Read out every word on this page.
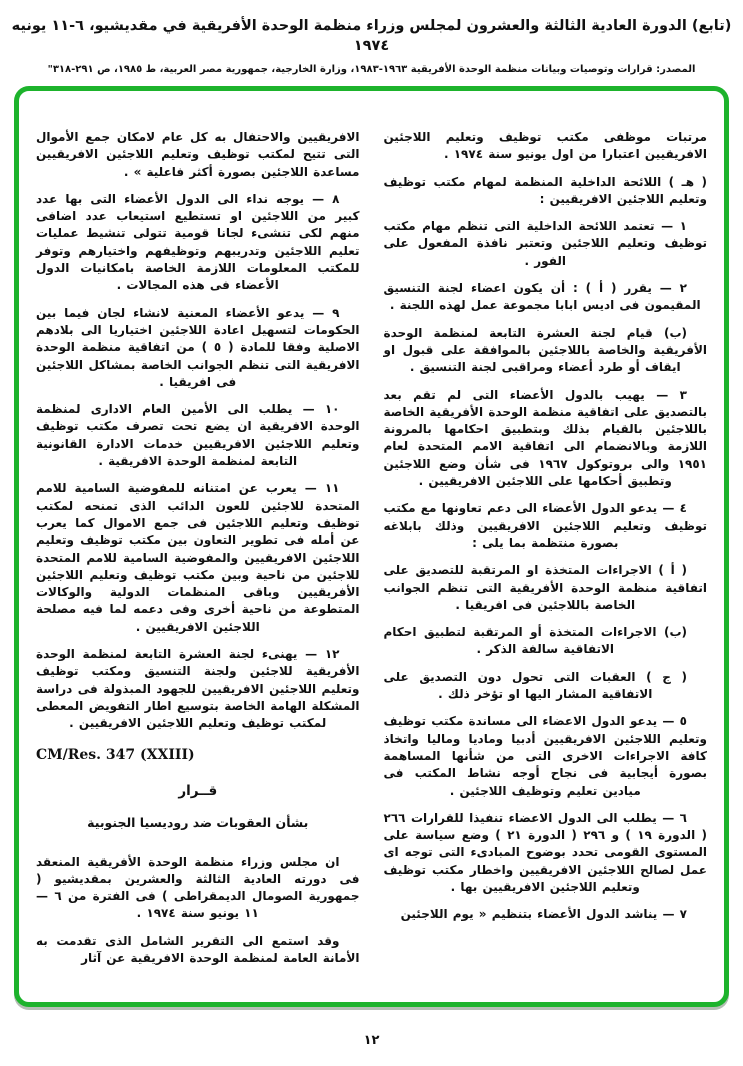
(تابع) الدورة العادية الثالثة والعشرون لمجلس وزراء منظمة الوحدة الأفريقية في مقديشيو، ٦-١١ يونيه ١٩٧٤
المصدر: قرارات وتوصيات وبيانات منظمة الوحدة الأفريقية ١٩٦٣-١٩٨٣، وزارة الخارجية، جمهورية مصر العربية، ط ١٩٨٥، ص ٢٩١-٣١٨"

مرتبات موظفى مكتب توظيف وتعليم اللاجئين الافريقيين اعتبارا من اول يونيو سنة ١٩٧٤ .

( هـ ) اللائحة الداخلية المنظمة لمهام مكتب توظيف وتعليم اللاجئين الافريقيين :

١ — تعتمد اللائحة الداخلية التى تنظم مهام مكتب توظيف وتعليم اللاجئين وتعتبر نافذة المفعول على الفور .

٢ — يقرر ( أ ) : أن يكون اعضاء لجنة التنسيق المقيمون فى اديس ابابا مجموعة عمل لهذه اللجنة .

(ب) قيام لجنة العشرة التابعة لمنظمة الوحدة الأفريقية والخاصة باللاجئين بالموافقة على قبول او ايقاف أو طرد أعضاء ومراقبى لجنة التنسيق .

٣ — يهيب بالدول الأعضاء التى لم تقم بعد بالتصديق على اتفاقية منظمة الوحدة الأفريقية الخاصة باللاجئين بالقيام بذلك وبتطبيق احكامها بالمرونة اللازمة وبالانضمام الى اتفاقية الامم المتحدة لعام ١٩٥١ والى بروتوكول ١٩٦٧ فى شأن وضع اللاجئين وتطبيق أحكامها على اللاجئين الافريقيين .

٤ — يدعو الدول الأعضاء الى دعم تعاونها مع مكتب توظيف وتعليم اللاجئين الافريقيين وذلك بابلاغه بصورة منتظمة بما يلى :

( أ ) الاجراءات المتخذة او المرتقبة للتصديق على اتفاقية منظمة الوحدة الأفريقية التى تنظم الجوانب الخاصة باللاجئين فى افريقيا .

(ب) الاجراءات المتخذة أو المرتقبة لتطبيق احكام الاتفاقية سالفة الذكر .

( ج ) العقبات التى تحول دون التصديق على الاتفاقية المشار اليها او تؤخر ذلك .

٥ — يدعو الدول الاعضاء الى مساندة مكتب توظيف وتعليم اللاجئين الافريقيين أدبيا وماديا وماليا واتخاذ كافة الاجراءات الاخرى التى من شأنها المساهمة بصورة أيجابية فى نجاح أوجه نشاط المكتب فى ميادين تعليم وتوظيف اللاجئين .

٦ — يطلب الى الدول الاعضاء تنفيذا للقرارات ٢٦٦ ( الدورة ١٩ ) و ٢٩٦ ( الدورة ٢١ ) وضع سياسة على المستوى القومى تحدد بوضوح المبادىء التى توجه اى عمل لصالح اللاجئين الافريقيين واخطار مكتب توظيف وتعليم اللاجئين الافريقيين بها .

٧ — يناشد الدول الأعضاء بتنظيم « يوم اللاجئين

الافريقيين والاحتفال به كل عام لامكان جمع الأموال التى تتيح لمكتب توظيف وتعليم اللاجئين الافريقيين مساعدة اللاجئين بصورة أكثر فاعلية » .

٨ — يوجه نداء الى الدول الأعضاء التى بها عدد كبير من اللاجئين او تستطيع استيعاب عدد اضافى منهم لكى تنشىء لجانا قومية تتولى تنشيط عمليات تعليم اللاجئين وتدريبهم وتوظيفهم واختيارهم وتوفر للمكتب المعلومات اللازمة الخاصة بامكانيات الدول الأعضاء فى هذه المجالات .

٩ — يدعو الأعضاء المعنية لانشاء لجان فيما بين الحكومات لتسهيل اعادة اللاجئين اختياريا الى بلادهم الاصلية وفقا للمادة ( ٥ ) من اتفاقية منظمة الوحدة الافريقية التى تنظم الجوانب الخاصة بمشاكل اللاجئين فى افريقيا .

١٠ — يطلب الى الأمين العام الادارى لمنظمة الوحدة الافريقية ان يضع تحت تصرف مكتب توظيف وتعليم اللاجئين الافريقيين خدمات الادارة القانونية التابعة لمنظمة الوحدة الافريقية .

١١ — يعرب عن امتنانه للمفوضية السامية للامم المتحدة للاجئين للعون الدائب الذى تمنحه لمكتب توظيف وتعليم اللاجئين فى جمع الاموال كما يعرب عن أمله فى تطوير التعاون بين مكتب توظيف وتعليم اللاجئين الافريقيين والمفوضية السامية للامم المتحدة للاجئين من ناحية وبين مكتب توظيف وتعليم اللاجئين الأفريقيين وباقى المنظمات الدولية والوكالات المتطوعة من ناحية أخرى وفى دعمه لما فيه مصلحة اللاجئين الافريقيين .

١٢ — يهنىء لجنة العشرة التابعة لمنظمة الوحدة الأفريقية للاجئين ولجنة التنسيق ومكتب توظيف وتعليم اللاجئين الافريقيين للجهود المبذولة فى دراسة المشكلة الهامة الخاصة بتوسيع اطار التفويض المعطى لمكتب توظيف وتعليم اللاجئين الافريقيين .

CM/Res. 347 (XXIII)
قــرار
بشأن العقوبات ضد روديسيا الجنوبية

ان مجلس وزراء منظمة الوحدة الأفريقية المنعقد فى دورته العادية الثالثة والعشرين بمقديشيو ( جمهورية الصومال الديمقراطى ) فى الفترة من ٦ — ١١ يونيو سنة ١٩٧٤ .

وقد استمع الى التقرير الشامل الذى تقدمت به الأمانة العامة لمنظمة الوحدة الافريقية عن آثار

١٢
